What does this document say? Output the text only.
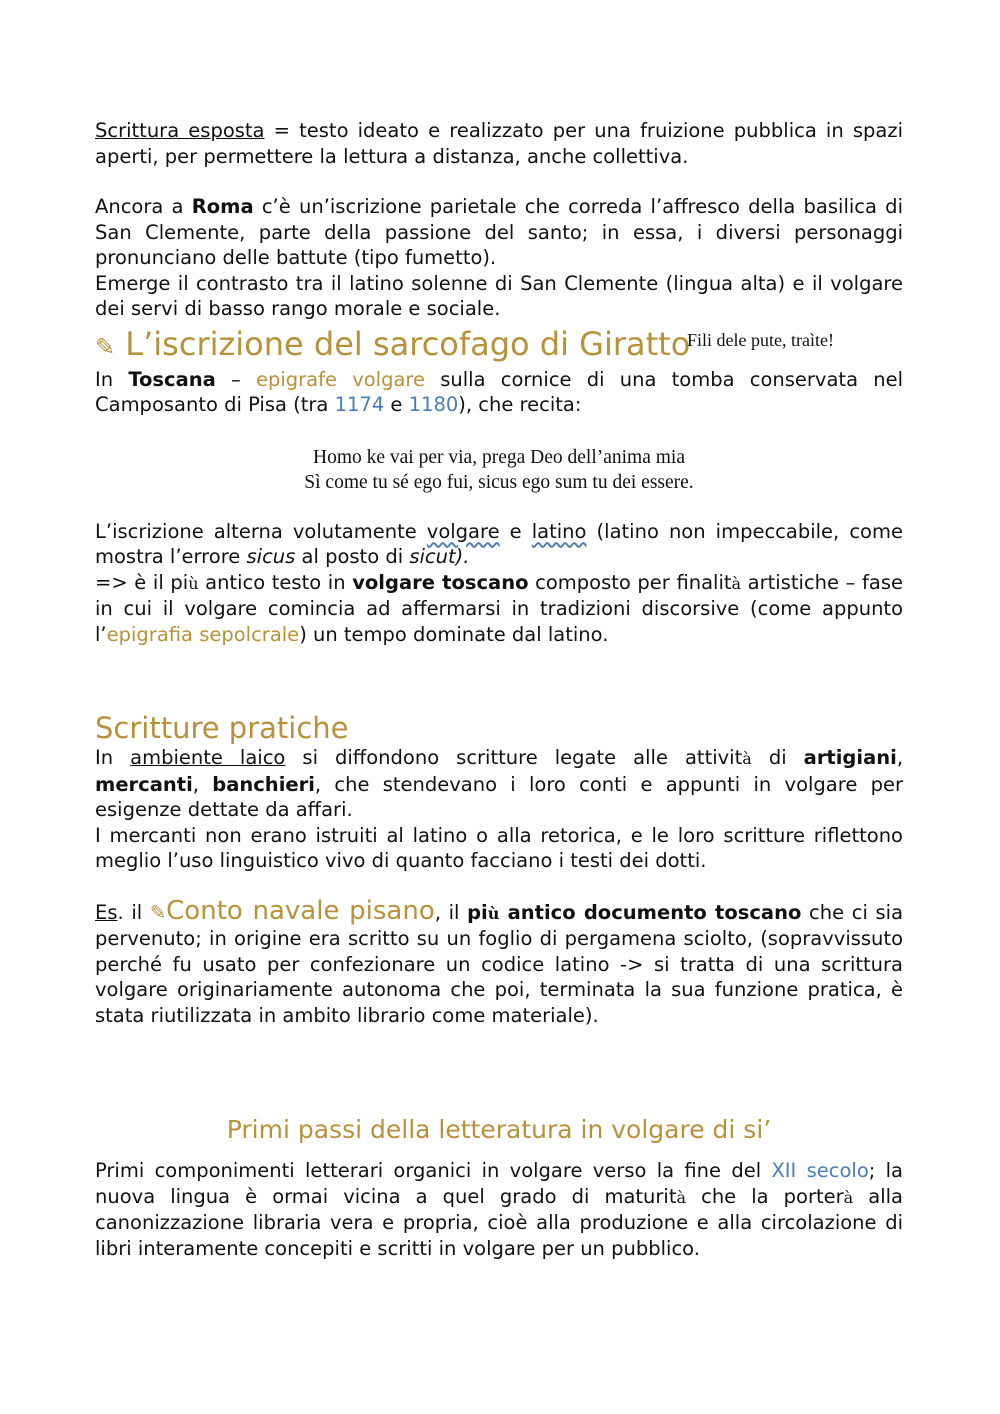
Scrittura esposta = testo ideato e realizzato per una fruizione pubblica in spazi aperti, per permettere la lettura a distanza, anche collettiva.

Ancora a Roma c’è un’iscrizione parietale che correda l’affresco della basilica di San Clemente, parte della passione del santo; in essa, i diversi personaggi pronunciano delle battute (tipo fumetto).

Emerge il contrasto tra il latino solenne di San Clemente (lingua alta) e il volgare dei servi di basso rango morale e sociale.

✎ L’iscrizione del sarcofago di Giratto
Fili dele pute, traìte!

In Toscana – epigrafe volgare sulla cornice di una tomba conservata nel Camposanto di Pisa (tra 1174 e 1180), che recita:

Homo ke vai per via, prega Deo dell’anima mia
Sì come tu sé ego fui, sicus ego sum tu dei essere.

L’iscrizione alterna volutamente volgare e latino (latino non impeccabile, come mostra l’errore sicus al posto di sicut).

=> è il più antico testo in volgare toscano composto per finalità artistiche – fase in cui il volgare comincia ad affermarsi in tradizioni discorsive (come appunto l’epigrafia sepolcrale) un tempo dominate dal latino.

Scritture pratiche

In ambiente laico si diffondono scritture legate alle attività di artigiani, mercanti, banchieri, che stendevano i loro conti e appunti in volgare per esigenze dettate da affari.

I mercanti non erano istruiti al latino o alla retorica, e le loro scritture riflettono meglio l’uso linguistico vivo di quanto facciano i testi dei dotti.

Es. il ✎Conto navale pisano, il più antico documento toscano che ci sia pervenuto; in origine era scritto su un foglio di pergamena sciolto, (sopravvissuto perché fu usato per confezionare un codice latino -> si tratta di una scrittura volgare originariamente autonoma che poi, terminata la sua funzione pratica, è stata riutilizzata in ambito librario come materiale).

Primi passi della letteratura in volgare di si’

Primi componimenti letterari organici in volgare verso la fine del XII secolo; la nuova lingua è ormai vicina a quel grado di maturità che la porterà alla canonizzazione libraria vera e propria, cioè alla produzione e alla circolazione di libri interamente concepiti e scritti in volgare per un pubblico.
